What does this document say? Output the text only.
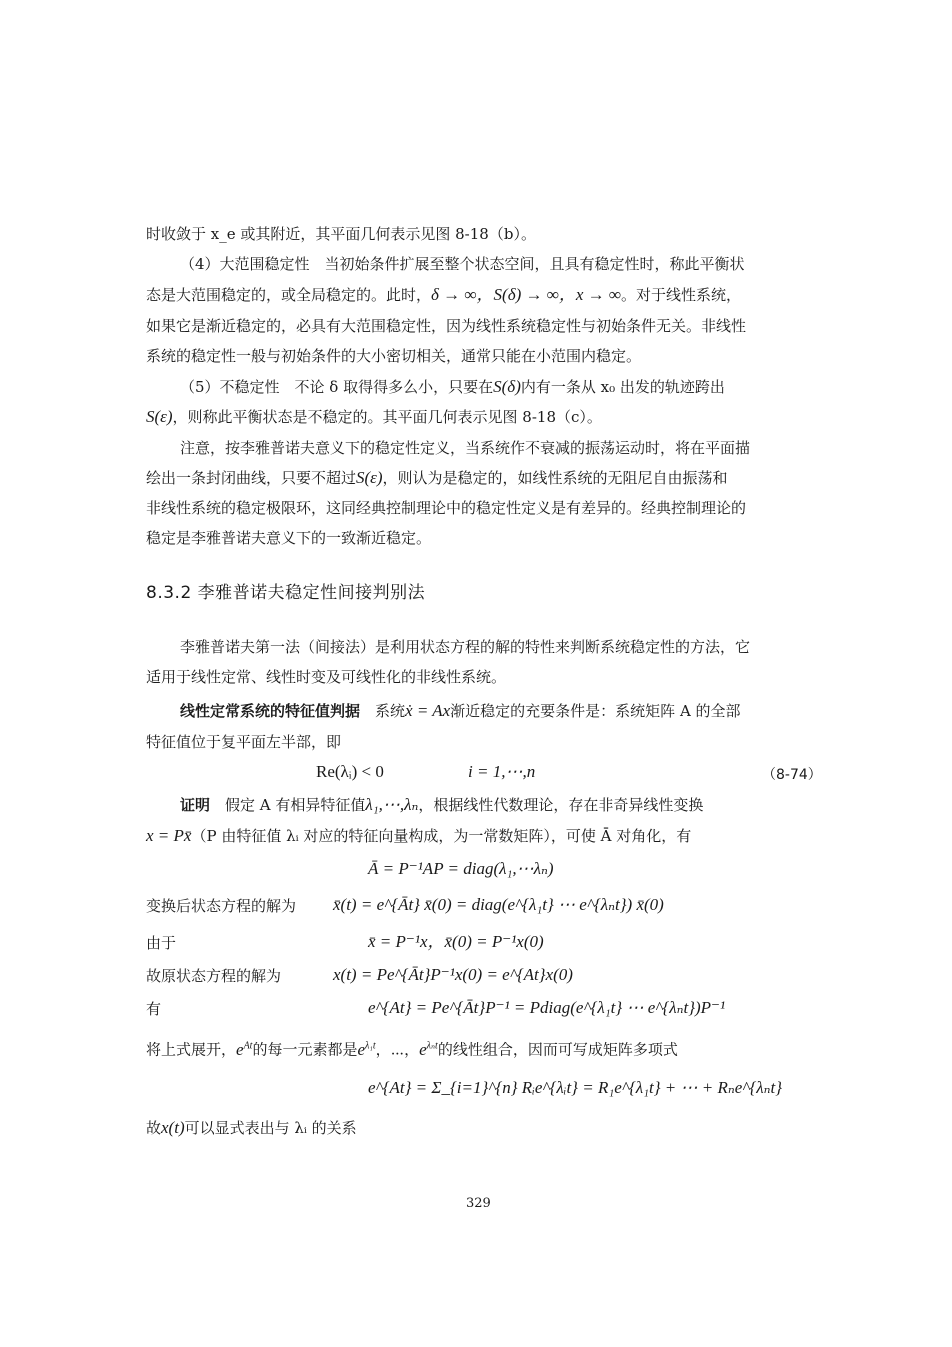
时收敛于 x_e 或其附近，其平面几何表示见图 8-18（b）。
（4）大范围稳定性　当初始条件扩展至整个状态空间，且具有稳定性时，称此平衡状
态是大范围稳定的，或全局稳定的。此时，δ → ∞，S(δ) → ∞，x → ∞。对于线性系统，
如果它是渐近稳定的，必具有大范围稳定性，因为线性系统稳定性与初始条件无关。非线性
系统的稳定性一般与初始条件的大小密切相关，通常只能在小范围内稳定。
（5）不稳定性　不论 δ 取得得多么小，只要在S(δ)内有一条从 x₀ 出发的轨迹跨出
S(ε)，则称此平衡状态是不稳定的。其平面几何表示见图 8-18（c）。
注意，按李雅普诺夫意义下的稳定性定义，当系统作不衰减的振荡运动时，将在平面描
绘出一条封闭曲线，只要不超过S(ε)，则认为是稳定的，如线性系统的无阻尼自由振荡和
非线性系统的稳定极限环，这同经典控制理论中的稳定性定义是有差异的。经典控制理论的
稳定是李雅普诺夫意义下的一致渐近稳定。
8.3.2 李雅普诺夫稳定性间接判别法
李雅普诺夫第一法（间接法）是利用状态方程的解的特性来判断系统稳定性的方法，它
适用于线性定常、线性时变及可线性化的非线性系统。
线性定常系统的特征值判据　系统ẋ = Ax渐近稳定的充要条件是：系统矩阵 A 的全部
特征值位于复平面左半部，即
Re(λᵢ) < 0	i = 1,⋯,n	（8-74）
证明　假定 A 有相异特征值λ₁,⋯,λₙ，根据线性代数理论，存在非奇异线性变换
x = Px̄（P 由特征值 λᵢ 对应的特征向量构成，为一常数矩阵），可使 Ā 对角化，有
Ā = P⁻¹AP = diag(λ₁,⋯λₙ)
变换后状态方程的解为 x̄(t) = e^{Āt} x̄(0) = diag(e^{λ₁t} ⋯ e^{λₙt}) x̄(0)
由于	x̄ = P⁻¹x，x̄(0) = P⁻¹x(0)
故原状态方程的解为	x(t) = Pe^{Āt}P⁻¹x(0) = e^{At}x(0)
有	e^{At} = Pe^{Āt}P⁻¹ = Pdiag(e^{λ₁t} ⋯ e^{λₙt})P⁻¹
将上式展开，$e^{At}$的每一元素都是$e^{\lambda_1t}$，⋯，$e^{\lambda_nt}$的线性组合，因而可写成矩阵多项式
e^{At} = Σ_{i=1}^{n} Rᵢe^{λᵢt} = R₁e^{λ₁t} + ⋯ + Rₙe^{λₙt}
故x(t)可以显式表出与 λᵢ 的关系
329
